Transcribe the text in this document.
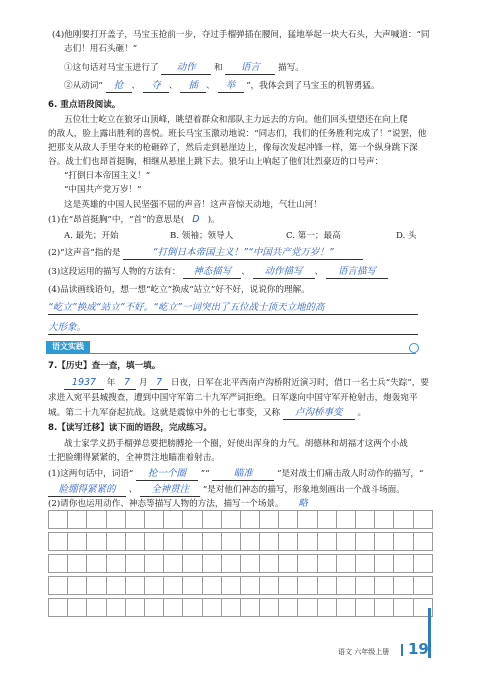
(4)他刚要打开盖子，马宝玉抢前一步，夺过手榴弹插在腰间，猛地举起一块大石头，大声喊道：“同
志们！用石头砸！”
①这句话对马宝玉进行了 动作 和 语言 描写。
②从动词“ 抢 、 夺 、 插 、 举 ”，我体会到了马宝玉的机智勇猛。
6. 重点语段阅读。
五位壮士屹立在狼牙山顶峰，眺望着群众和部队主力远去的方向。他们回头望望还在向上爬
的敌人，脸上露出胜利的喜悦。班长马宝玉激动地说：“同志们，我们的任务胜利完成了！”说罢，他
把那支从敌人手里夺来的枪砸碎了，然后走到悬崖边上，像每次发起冲锋一样，第一个纵身跳下深
谷。战士们也昂首挺胸，相继从悬崖上跳下去。狼牙山上响起了他们壮烈豪迈的口号声：
“打倒日本帝国主义！”
“中国共产党万岁！”
这是英雄的中国人民坚强不屈的声音！这声音惊天动地，气壮山河！
(1)在“昂首挺胸”中，“首”的意思是( D )。
A. 最先；开始	B. 领袖；领导人	C. 第一；最高	D. 头
(2)“这声音”指的是	“打倒日本帝国主义！”“中国共产党万岁！”
(3)这段运用的描写人物的方法有： 神态描写 、 动作描写 、 语言描写
(4)品读画线语句，想一想“屹立”换成“站立”好不好，说说你的理解。
“屹立”换成“站立”不好。“屹立”一词突出了五位战士顶天立地的高
大形象。
语文实践
7.【历史】查一查，填一填。
1937 年 7 月 7 日夜，日军在北平西南卢沟桥附近演习时，借口一名士兵“失踪”，要
求进入宛平县城搜查，遭到中国守军第二十九军严词拒绝。日军遂向中国守军开枪射击，炮轰宛平
城。第二十九军奋起抗战。这就是震惊中外的七七事变，又称 卢沟桥事变 。
8.【读写迁移】读下面的语段，完成练习。
战士家学义扔手榴弹总要把膀膊抡一个圈，好使出浑身的力气。胡德林和胡福才这两个小战
士把脸绷得紧紧的，全神贯注地瞄准着射击。
(1)这两句话中，词语“ 抡一个圈 ”“	瞄准	”是对战士们痛击敌人时动作的描写，“
脸绷得紧紧的 、 全神贯注 ”是对他们神态的描写，形象地刻画出一个战斗场面。
(2)请你也运用动作、神态等描写人物的方法，描写一个场景。 略

语文 六年级上册 19
